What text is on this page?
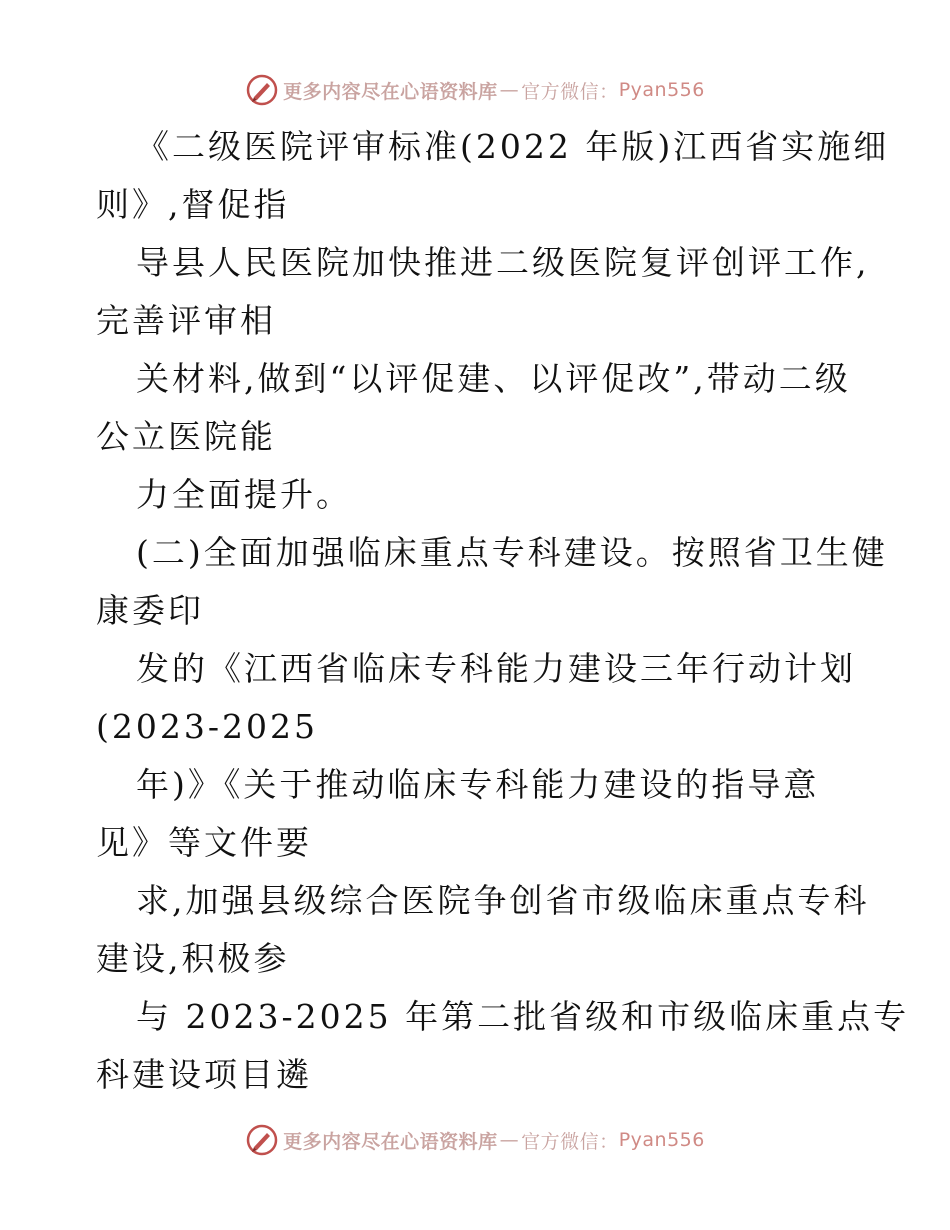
更多内容尽在心语资料库 — 官方微信： Pyan556
《二级医院评审标准(2022 年版)江西省实施细
则》,督促指
导县人民医院加快推进二级医院复评创评工作,
完善评审相
关材料,做到“以评促建、以评促改”,带动二级
公立医院能
力全面提升。
(二)全面加强临床重点专科建设。按照省卫生健
康委印
发的《江西省临床专科能力建设三年行动计划
(2023-2025
年)》《关于推动临床专科能力建设的指导意
见》等文件要
求,加强县级综合医院争创省市级临床重点专科
建设,积极参
与 2023-2025 年第二批省级和市级临床重点专
科建设项目遴
更多内容尽在心语资料库 — 官方微信： Pyan556
